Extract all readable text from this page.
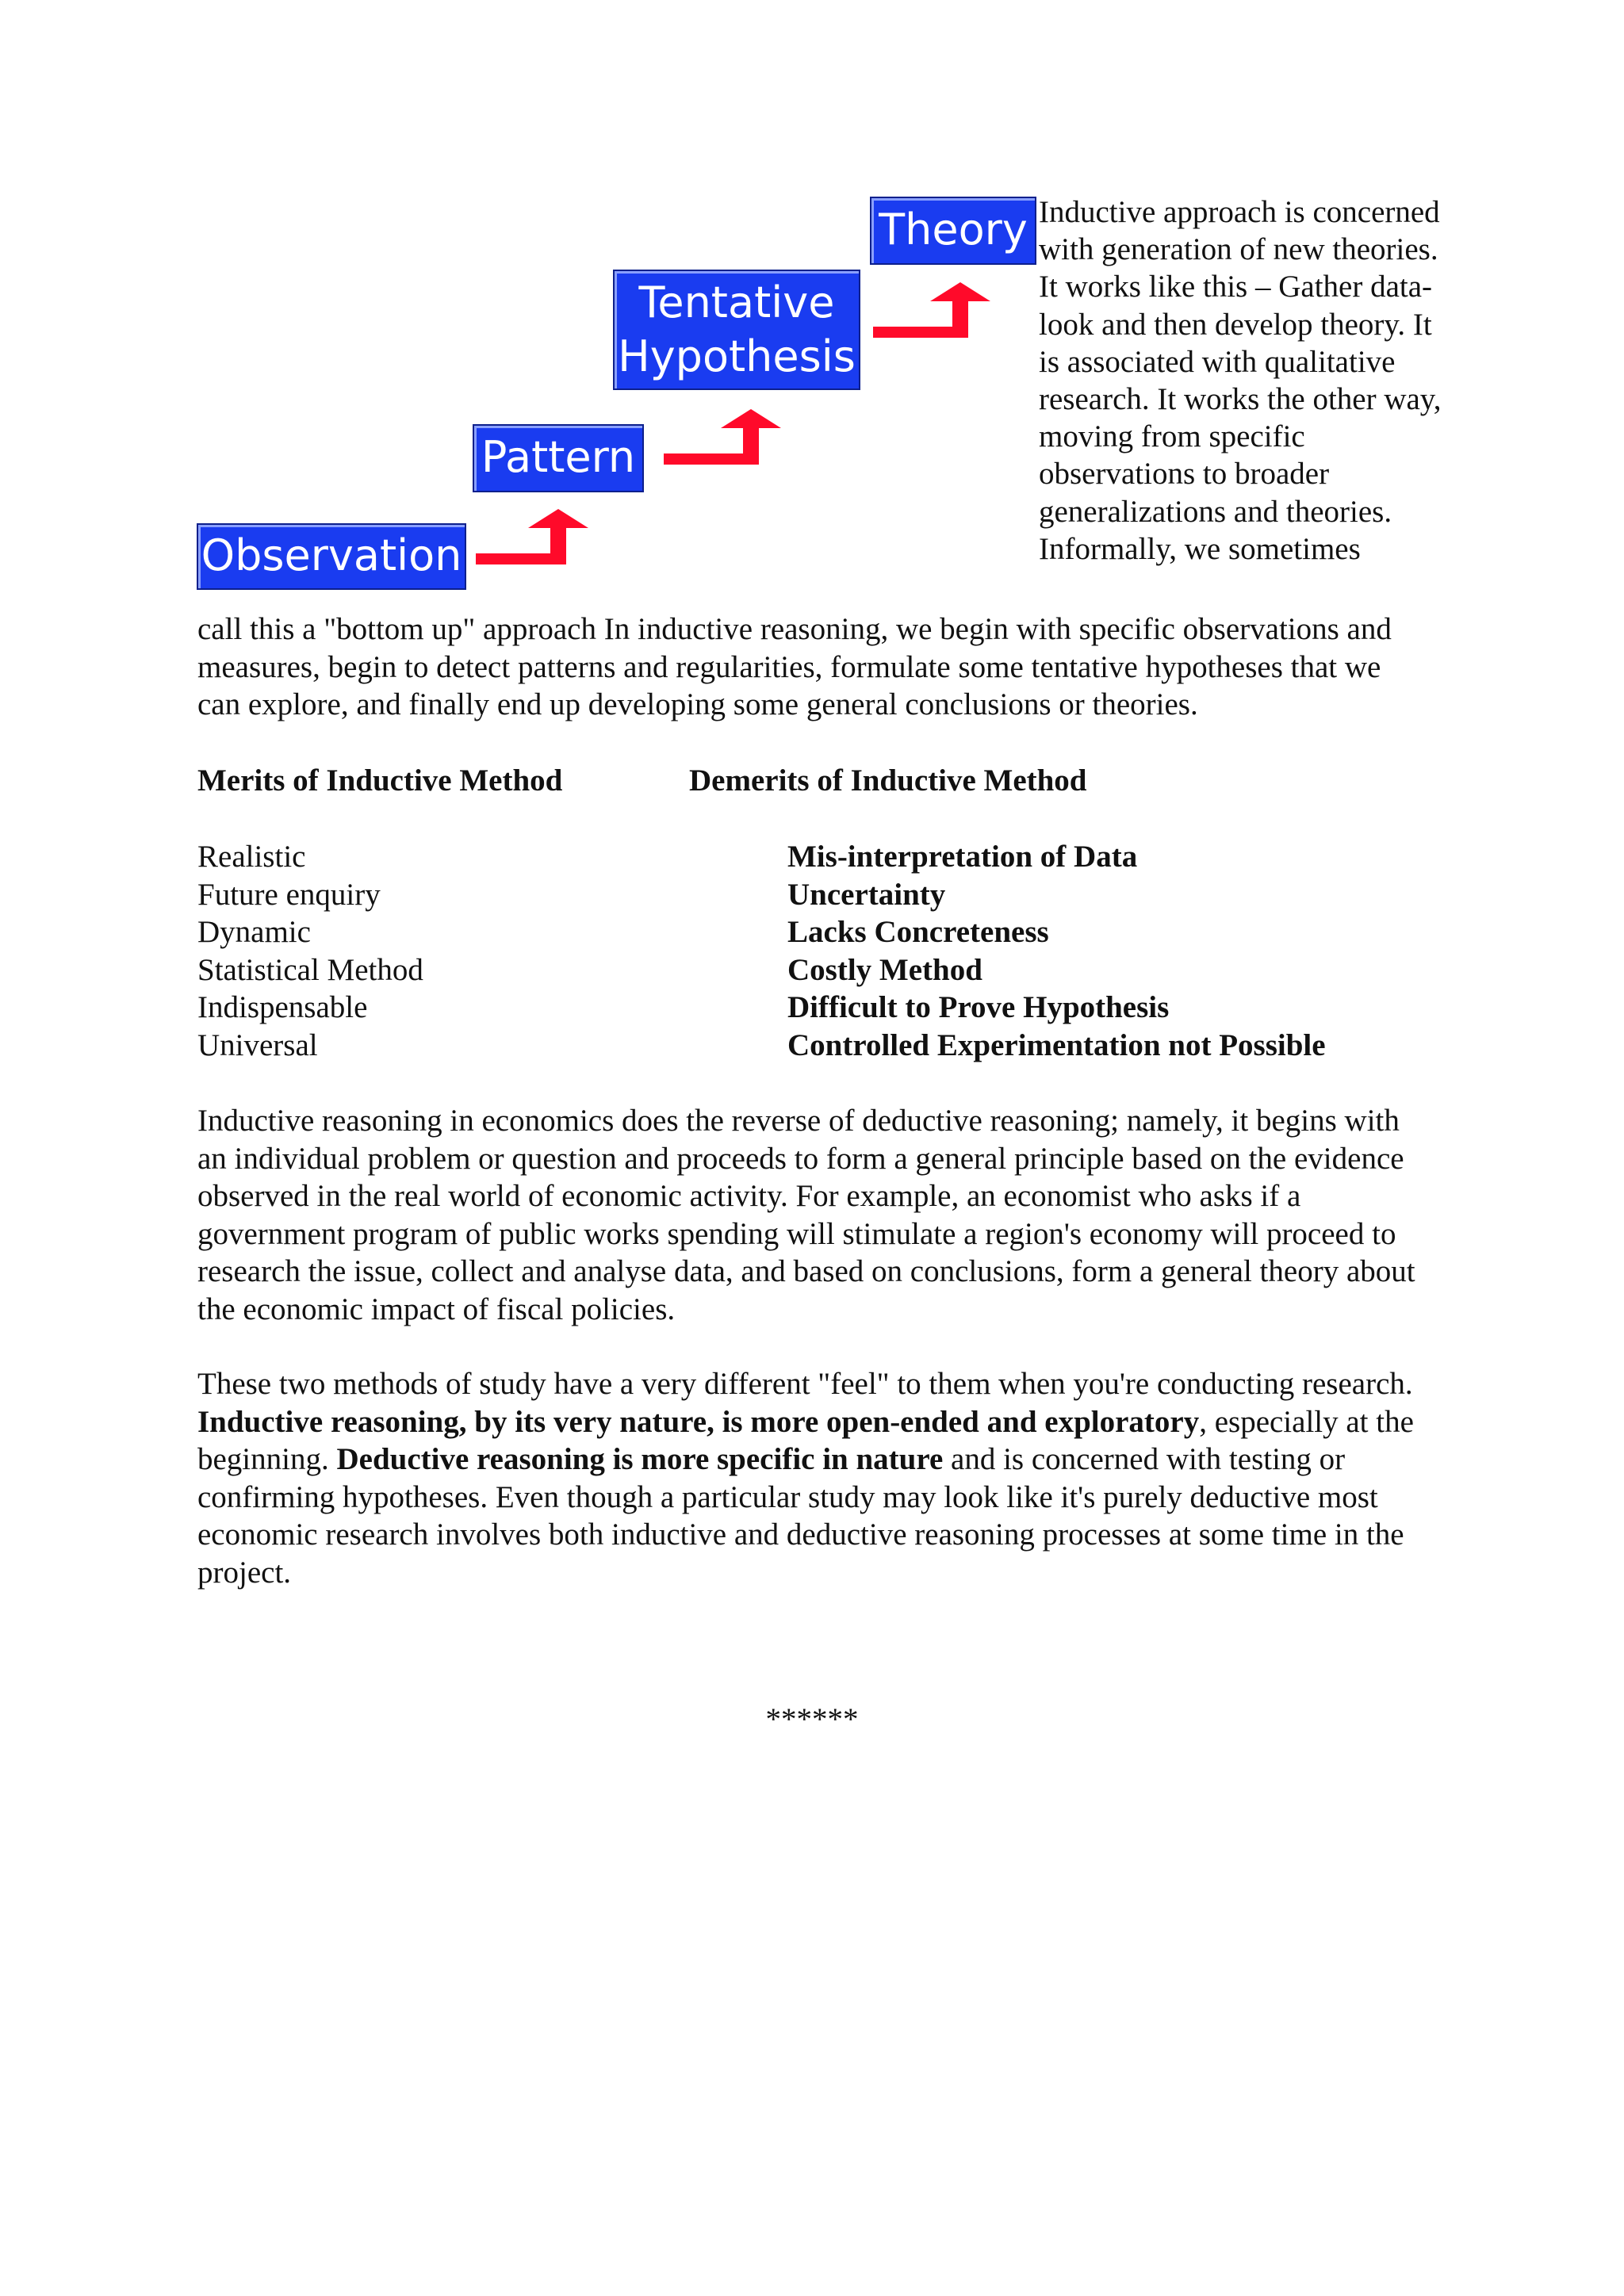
Observation
Pattern
Tentative Hypothesis
Theory Inductive approach is concerned with generation of new theories. It works like this – Gather data- look and then develop theory. It is associated with qualitative research. It works the other way, moving from specific observations to broader generalizations and theories. Informally, we sometimes

call this a "bottom up" approach In inductive reasoning, we begin with specific observations and measures, begin to detect patterns and regularities, formulate some tentative hypotheses that we can explore, and finally end up developing some general conclusions or theories.

Merits of Inductive Method	Demerits of Inductive Method
Realistic
Future enquiry
Dynamic
Statistical Method
Indispensable
Universal
Mis-interpretation of Data
Uncertainty
Lacks Concreteness
Costly Method
Difficult to Prove Hypothesis
Controlled Experimentation not Possible

Inductive reasoning in economics does the reverse of deductive reasoning; namely, it begins with an individual problem or question and proceeds to form a general principle based on the evidence observed in the real world of economic activity. For example, an economist who asks if a government program of public works spending will stimulate a region's economy will proceed to research the issue, collect and analyse data, and based on conclusions, form a general theory about the economic impact of fiscal policies.

These two methods of study have a very different "feel" to them when you're conducting research. Inductive reasoning, by its very nature, is more open-ended and exploratory, especially at the beginning. Deductive reasoning is more specific in nature and is concerned with testing or confirming hypotheses. Even though a particular study may look like it's purely deductive most economic research involves both inductive and deductive reasoning processes at some time in the project.

******
